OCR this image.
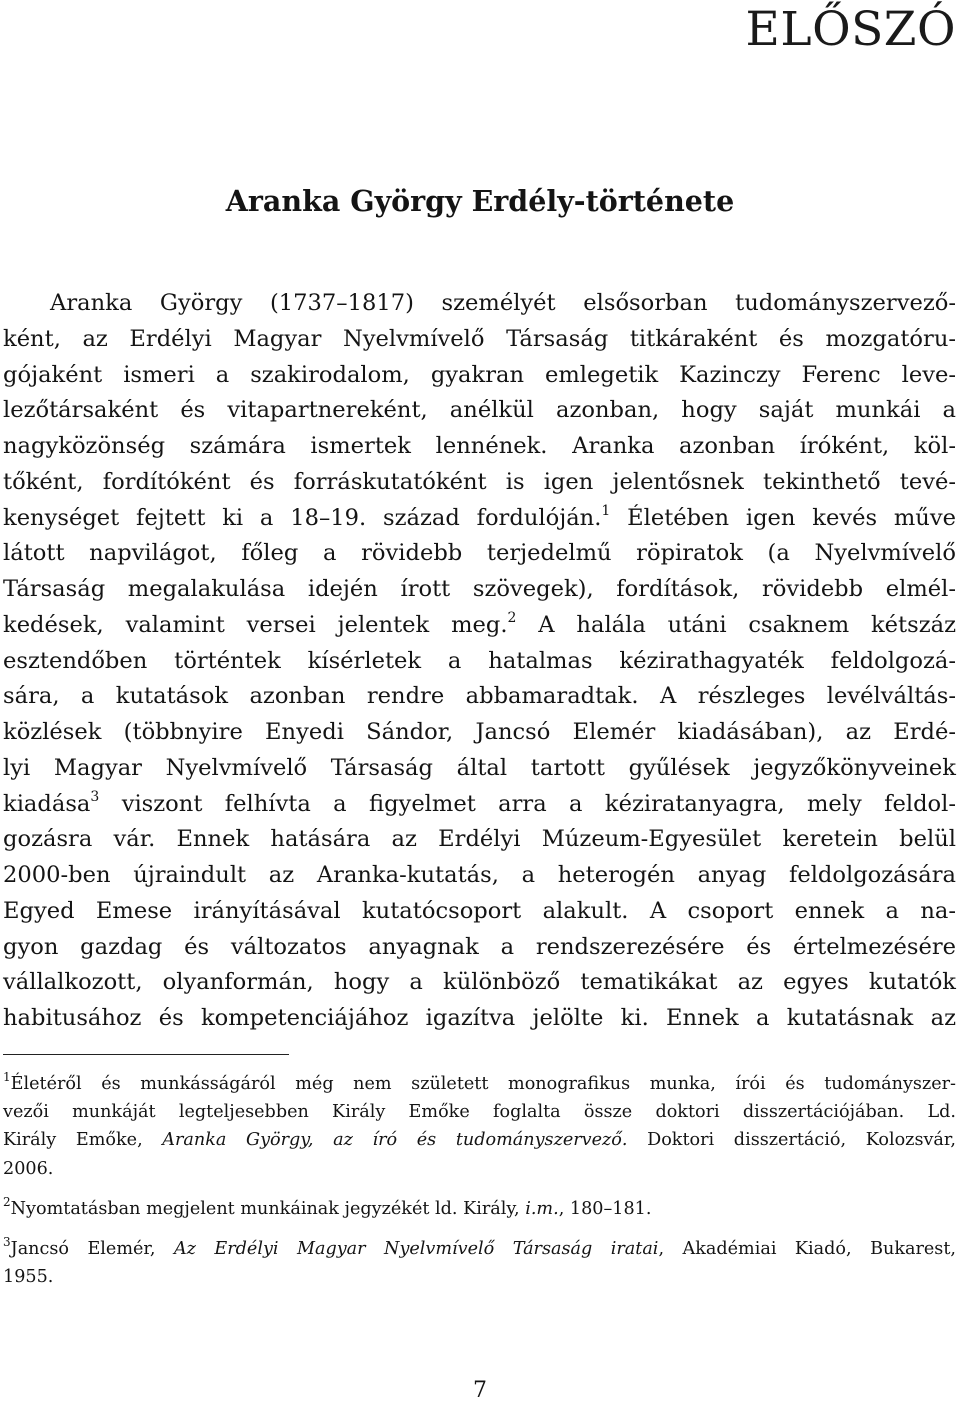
ELŐSZÓ
Aranka György Erdély-története
Aranka György (1737–1817) személyét elsősorban tudományszervező-
ként, az Erdélyi Magyar Nyelvmívelő Társaság titkáraként és mozgatóru-
gójaként ismeri a szakirodalom, gyakran emlegetik Kazinczy Ferenc leve-
lezőtársaként és vitapartnereként, anélkül azonban, hogy saját munkái a
nagyközönség számára ismertek lennének. Aranka azonban íróként, köl-
tőként, fordítóként és forráskutatóként is igen jelentősnek tekinthető tevé-
kenységet fejtett ki a 18–19. század fordulóján.$^1$ Életében igen kevés műve
látott napvilágot, főleg a rövidebb terjedelmű röpiratok (a Nyelvmívelő
Társaság megalakulása idején írott szövegek), fordítások, rövidebb elmél-
kedések, valamint versei jelentek meg.$^2$ A halála utáni csaknem kétszáz
esztendőben történtek kísérletek a hatalmas kézirathagyaték feldolgozá-
sára, a kutatások azonban rendre abbamaradtak. A részleges levélváltás-
közlések (többnyire Enyedi Sándor, Jancsó Elemér kiadásában), az Erdé-
lyi Magyar Nyelvmívelő Társaság által tartott gyűlések jegyzőkönyveinek
kiadása$^3$ viszont felhívta a figyelmet arra a kéziratanyagra, mely feldol-
gozásra vár. Ennek hatására az Erdélyi Múzeum-Egyesület keretein belül
2000-ben újraindult az Aranka-kutatás, a heterogén anyag feldolgozására
Egyed Emese irányításával kutatócsoport alakult. A csoport ennek a na-
gyon gazdag és változatos anyagnak a rendszerezésére és értelmezésére
vállalkozott, olyanformán, hogy a különböző tematikákat az egyes kutatók
habitusához és kompetenciájához igazítva jelölte ki. Ennek a kutatásnak az
$^1$Életéről és munkásságáról még nem született monografikus munka, írói és tudományszer-
vezői munkáját legteljesebben Király Emőke foglalta össze doktori disszertációjában. Ld.
Király Emőke, Aranka György, az író és tudományszervező. Doktori disszertáció, Kolozsvár,
2006.
$^2$Nyomtatásban megjelent munkáinak jegyzékét ld. Király, i.m., 180–181.
$^3$Jancsó Elemér, Az Erdélyi Magyar Nyelvmívelő Társaság iratai, Akadémiai Kiadó, Bukarest,
1955.
7
